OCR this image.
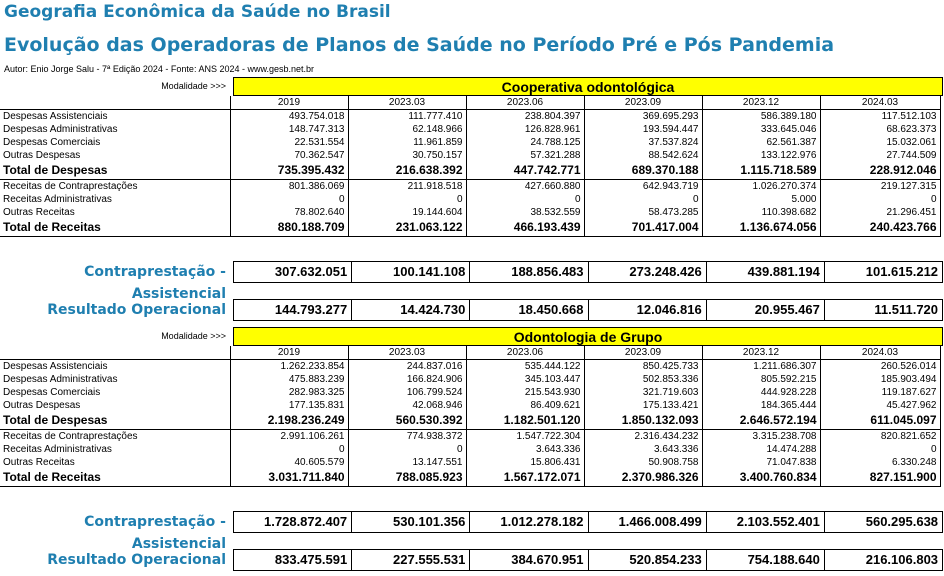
Geografia Econômica da Saúde no Brasil
Evolução das Operadoras de Planos de Saúde no Período Pré e Pós Pandemia
Autor: Enio Jorge Salu - 7ª Edição 2024 - Fonte: ANS 2024 - www.gesb.net.br
Modalidade >>>	Cooperativa odontológica
	2019	2023.03	2023.06	2023.09	2023.12	2024.03
Despesas Assistenciais	493.754.018	111.777.410	238.804.397	369.695.293	586.389.180	117.512.103
Despesas Administrativas	148.747.313	62.148.966	126.828.961	193.594.447	333.645.046	68.623.373
Despesas Comerciais	22.531.554	11.961.859	24.788.125	37.537.824	62.561.387	15.032.061
Outras Despesas	70.362.547	30.750.157	57.321.288	88.542.624	133.122.976	27.744.509
Total de Despesas	735.395.432	216.638.392	447.742.771	689.370.188	1.115.718.589	228.912.046
Receitas de Contraprestações	801.386.069	211.918.518	427.660.880	642.943.719	1.026.270.374	219.127.315
Receitas Administrativas	0	0	0	0	5.000	0
Outras Receitas	78.802.640	19.144.604	38.532.559	58.473.285	110.398.682	21.296.451
Total de Receitas	880.188.709	231.063.122	466.193.439	701.417.004	1.136.674.056	240.423.766
Contraprestação - Assistencial
307.632.051	100.141.108	188.856.483	273.248.426	439.881.194	101.615.212
Resultado Operacional	144.793.277	14.424.730	18.450.668	12.046.816	20.955.467	11.511.720
Modalidade >>>	Odontologia de Grupo
	2019	2023.03	2023.06	2023.09	2023.12	2024.03
Despesas Assistenciais	1.262.233.854	244.837.016	535.444.122	850.425.733	1.211.686.307	260.526.014
Despesas Administrativas	475.883.239	166.824.906	345.103.447	502.853.336	805.592.215	185.903.494
Despesas Comerciais	282.983.325	106.799.524	215.543.930	321.719.603	444.928.228	119.187.627
Outras Despesas	177.135.831	42.068.946	86.409.621	175.133.421	184.365.444	45.427.962
Total de Despesas	2.198.236.249	560.530.392	1.182.501.120	1.850.132.093	2.646.572.194	611.045.097
Receitas de Contraprestações	2.991.106.261	774.938.372	1.547.722.304	2.316.434.232	3.315.238.708	820.821.652
Receitas Administrativas	0	0	3.643.336	3.643.336	14.474.288	0
Outras Receitas	40.605.579	13.147.551	15.806.431	50.908.758	71.047.838	6.330.248
Total de Receitas	3.031.711.840	788.085.923	1.567.172.071	2.370.986.326	3.400.760.834	827.151.900
Contraprestação - Assistencial
1.728.872.407	530.101.356	1.012.278.182	1.466.008.499	2.103.552.401	560.295.638
Resultado Operacional	833.475.591	227.555.531	384.670.951	520.854.233	754.188.640	216.106.803
